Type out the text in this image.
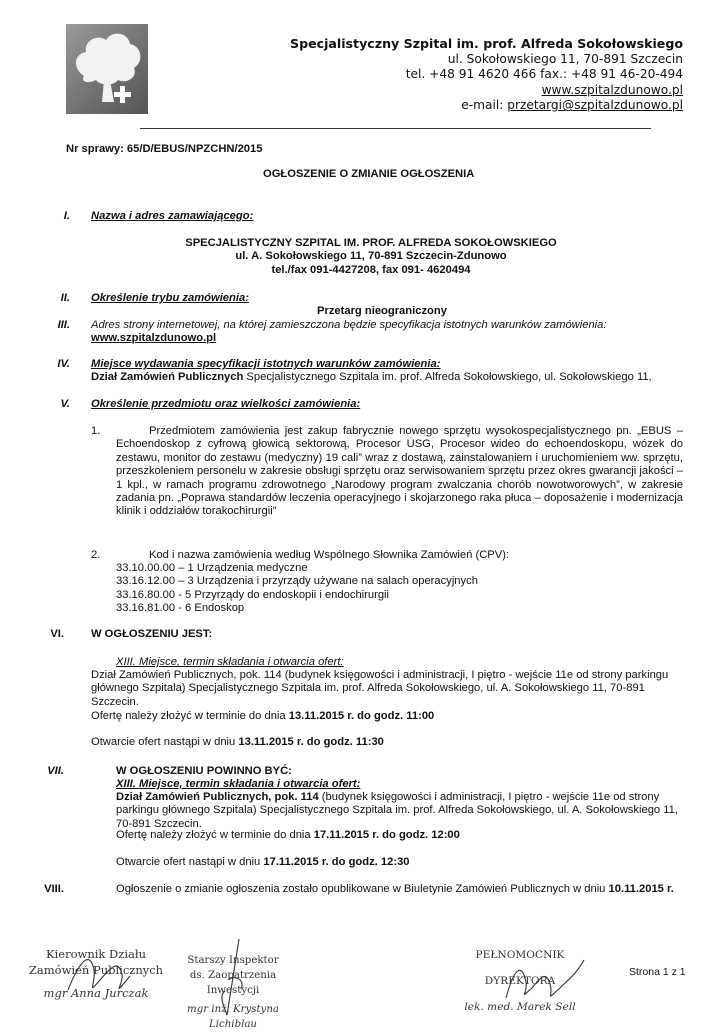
Specjalistyczny Szpital im. prof. Alfreda Sokołowskiego
ul. Sokołowskiego 11, 70-891 Szczecin
tel. +48 91 4620 466 fax.: +48 91 46-20-494
www.szpitalzdunowo.pl
e-mail: przetargi@szpitalzdunowo.pl
Nr sprawy: 65/D/EBUS/NPZCHN/2015
OGŁOSZENIE O ZMIANIE OGŁOSZENIA
I. Nazwa i adres zamawiającego:
SPECJALISTYCZNY SZPITAL IM. PROF. ALFREDA SOKOŁOWSKIEGO
ul. A. Sokołowskiego 11, 70-891 Szczecin-Zdunowo
tel./fax 091-4427208, fax 091- 4620494
II. Określenie trybu zamówienia:
Przetarg nieograniczony
III. Adres strony internetowej, na której zamieszczona będzie specyfikacja istotnych warunków zamówienia:
www.szpitalzdunowo.pl
IV. Miejsce wydawania specyfikacji istotnych warunków zamówienia:
Dział Zamówień Publicznych Specjalistycznego Szpitala im. prof. Alfreda Sokołowskiego, ul. Sokołowskiego 11,
V. Określenie przedmiotu oraz wielkości zamówienia:
1.	Przedmiotem zamówienia jest zakup fabrycznie nowego sprzętu wysokospecjalistycznego pn. „EBUS – Echoendoskop z cyfrową głowicą sektorową, Procesor USG, Procesor wideo do echoendoskopu, wózek do zestawu, monitor do zestawu (medyczny) 19 cali” wraz z dostawą, zainstalowaniem i uruchomieniem ww. sprzętu, przeszkoleniem personelu w zakresie obsługi sprzętu oraz serwisowaniem sprzętu przez okres gwarancji jakości – 1 kpl., w ramach programu zdrowotnego „Narodowy program zwalczania chorób nowotworowych”, w zakresie zadania pn. „Poprawa standardów leczenia operacyjnego i skojarzonego raka płuca – doposażenie i modernizacja klinik i oddziałów torakochirurgii”
2.	Kod i nazwa zamówienia według Wspólnego Słownika Zamówień (CPV):
33.10.00.00 – 1 Urządzenia medyczne
33.16.12.00 – 3 Urządzenia i przyrządy używane na salach operacyjnych
33.16.80.00 - 5 Przyrządy do endoskopii i endochirurgii
33.16.81.00 - 6 Endoskop
VI. W OGŁOSZENIU JEST:
XIII. Miejsce, termin składania i otwarcia ofert:
Dział Zamówień Publicznych, pok. 114 (budynek księgowości i administracji, I piętro - wejście 11e od strony parkingu głównego Szpitala) Specjalistycznego Szpitala im. prof. Alfreda Sokołowskiego, ul. A. Sokołowskiego 11, 70-891 Szczecin.
Ofertę należy złożyć w terminie do dnia 13.11.2015 r. do godz. 11:00
Otwarcie ofert nastąpi w dniu 13.11.2015 r. do godz. 11:30
VII.	W OGŁOSZENIU POWINNO BYĆ:
XIII. Miejsce, termin składania i otwarcia ofert:
Dział Zamówień Publicznych, pok. 114 (budynek księgowości i administracji, I piętro - wejście 11e od strony parkingu głównego Szpitala) Specjalistycznego Szpitala im. prof. Alfreda Sokołowskiego, ul. A. Sokołowskiego 11, 70-891 Szczecin.
Ofertę należy złożyć w terminie do dnia 17.11.2015 r. do godz. 12:00
Otwarcie ofert nastąpi w dniu 17.11.2015 r. do godz. 12:30
VIII.	Ogłoszenie o zmianie ogłoszenia zostało opublikowane w Biuletynie Zamówień Publicznych w dniu 10.11.2015 r.
Kierownik Działu
Zamówień Publicznych
mgr Anna Jurczak
Starszy Inspektor
ds. Zaopatrzenia Inwestycji
mgr inż. Krystyna Lichiblau
PEŁNOMOCNIK DYREKTORA
lek. med. Marek Sell
Strona 1 z 1
